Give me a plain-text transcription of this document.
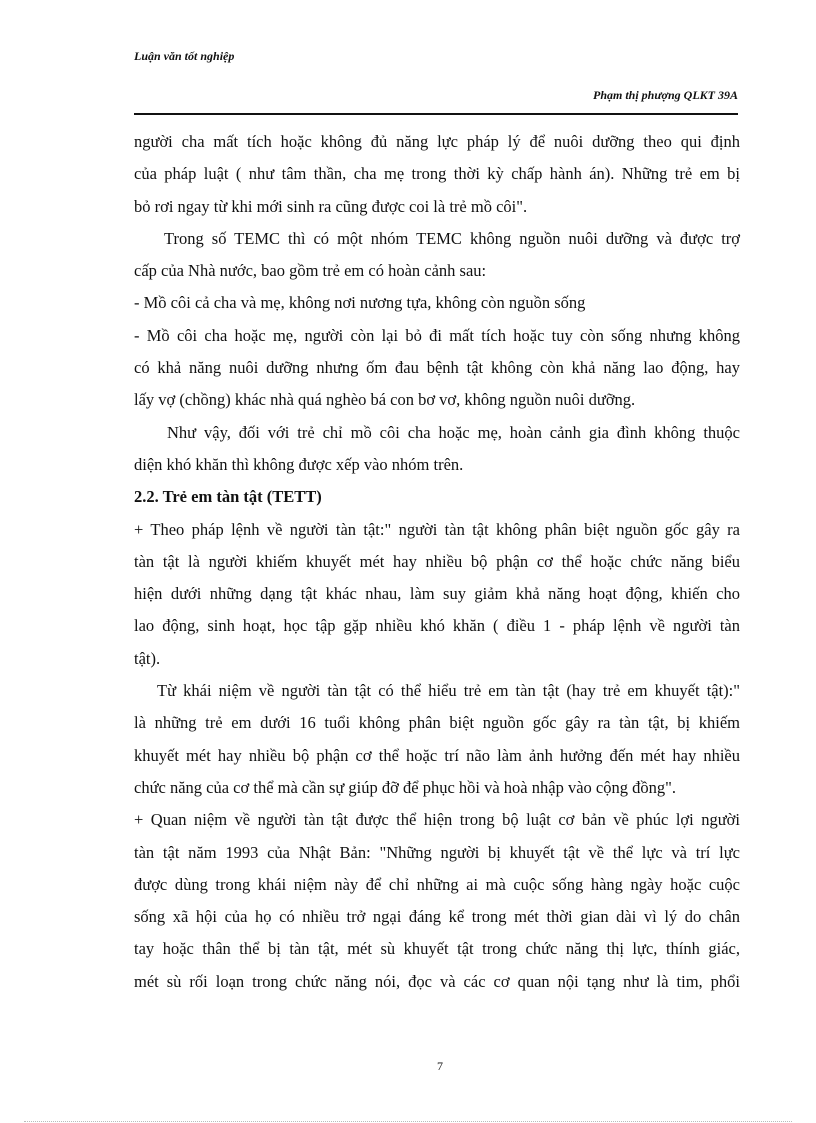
Luận văn tốt nghiệp
Phạm thị phượng QLKT 39A
người cha mất tích hoặc không đủ năng lực pháp lý để nuôi dưỡng theo qui định
của pháp luật ( như tâm thần, cha mẹ trong thời kỳ chấp hành án). Những trẻ em bị
bỏ rơi ngay từ khi mới sinh ra cũng được coi là trẻ mồ côi".
Trong số TEMC thì có một nhóm TEMC không nguồn nuôi dưỡng và được trợ
cấp của Nhà nước, bao gồm trẻ em có hoàn cảnh sau:
- Mồ côi cả cha và mẹ, không nơi nương tựa, không còn nguồn sống
- Mồ côi cha hoặc mẹ, người còn lại bỏ đi mất tích hoặc tuy còn sống nhưng không
có khả năng nuôi dưỡng nhưng ốm đau bệnh tật không còn khả năng lao động, hay
lấy vợ (chồng) khác nhà quá nghèo bá con bơ vơ, không nguồn nuôi dưỡng.
Như vậy, đối với trẻ chỉ mồ côi cha hoặc mẹ, hoàn cảnh gia đình không thuộc
diện khó khăn thì không được xếp vào nhóm trên.
2.2. Trẻ em tàn tật (TETT)
+ Theo pháp lệnh về người tàn tật:" người tàn tật không phân biệt nguồn gốc gây ra
tàn tật là người khiếm khuyết mét hay nhiều bộ phận cơ thể hoặc chức năng biểu
hiện dưới những dạng tật khác nhau, làm suy giảm khả năng hoạt động, khiến cho
lao động, sinh hoạt, học tập gặp nhiều khó khăn ( điều 1 - pháp lệnh về người tàn
tật).
Từ khái niệm về người tàn tật có thể hiểu trẻ em tàn tật (hay trẻ em khuyết tật):"
là những trẻ em dưới 16 tuổi không phân biệt nguồn gốc gây ra tàn tật, bị khiếm
khuyết mét hay nhiều bộ phận cơ thể hoặc trí não làm ảnh hưởng đến mét hay nhiều
chức năng của cơ thể mà cần sự giúp đỡ để phục hồi và hoà nhập vào cộng đồng".
+ Quan niệm về người tàn tật được thể hiện trong bộ luật cơ bản về phúc lợi người
tàn tật năm 1993 của Nhật Bản: "Những người bị khuyết tật về thể lực và trí lực
được dùng trong khái niệm này để chỉ những ai mà cuộc sống hàng ngày hoặc cuộc
sống xã hội của họ có nhiều trở ngại đáng kể trong mét thời gian dài vì lý do chân
tay hoặc thân thể bị tàn tật, mét sù khuyết tật trong chức năng thị lực, thính giác,
mét sù rối loạn trong chức năng nói, đọc và các cơ quan nội tạng như là tim, phổi
7
